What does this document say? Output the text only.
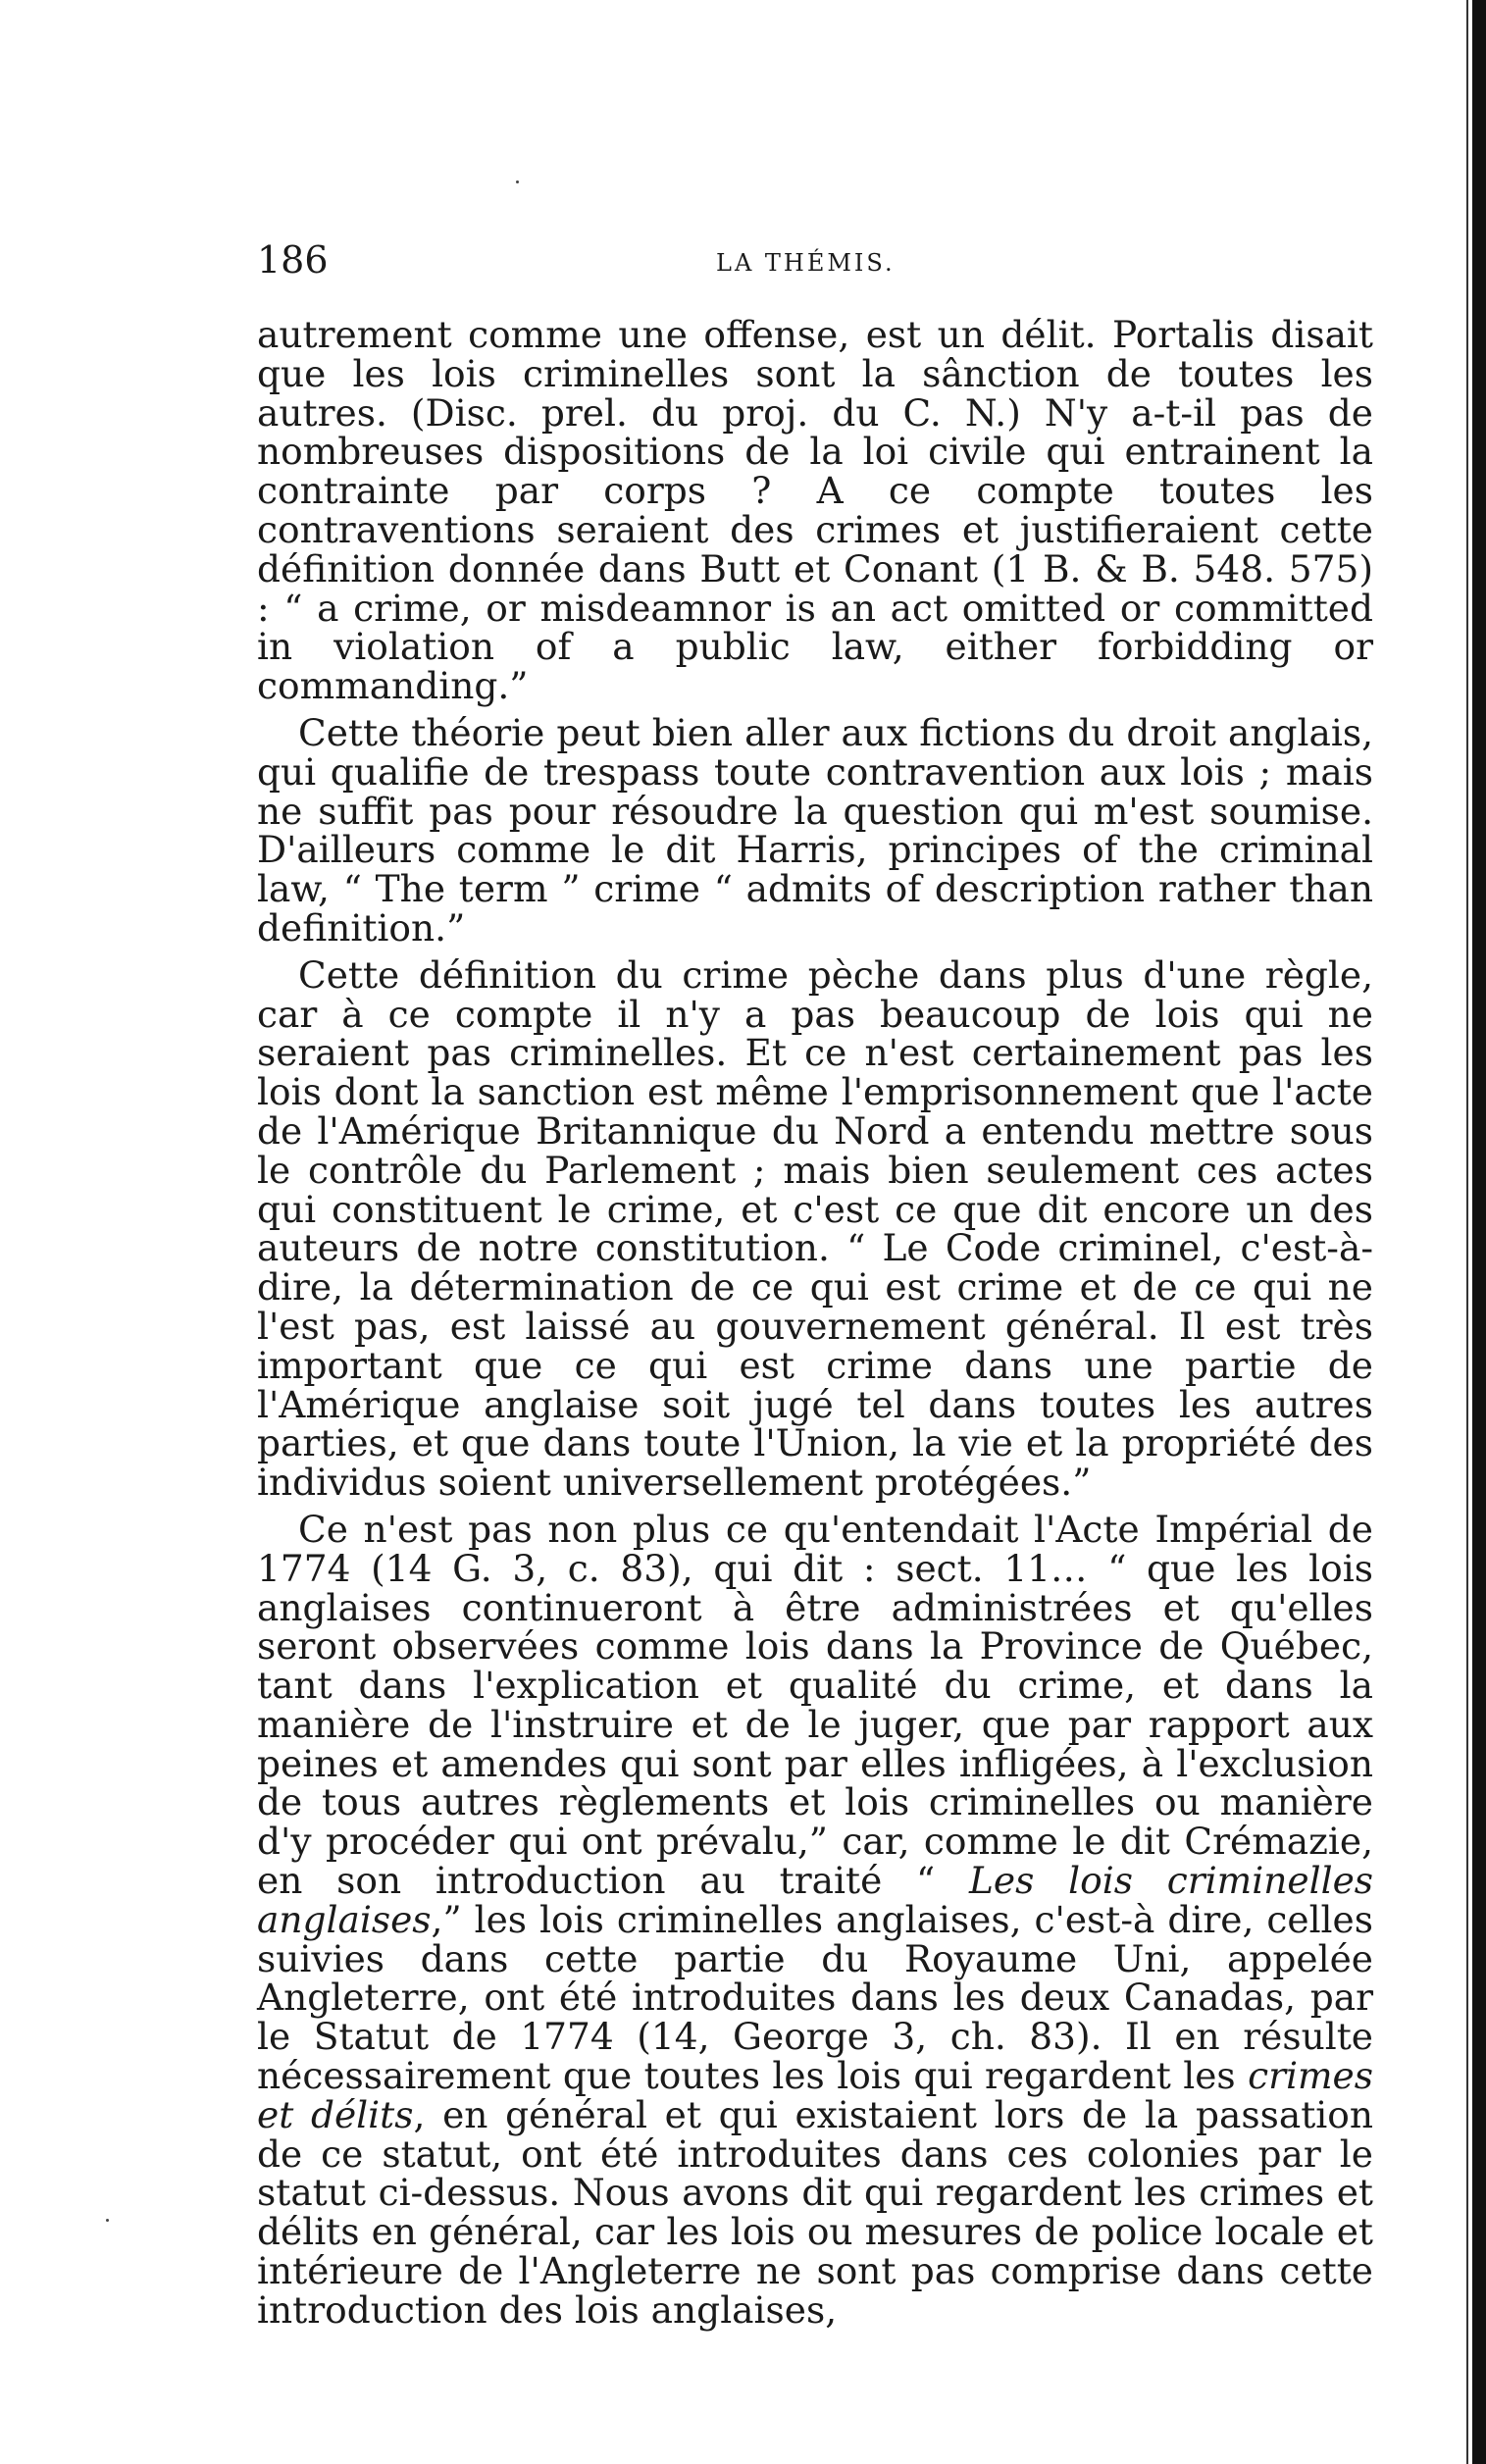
186	LA THÉMIS.

autrement comme une offense, est un délit. Portalis disait que les lois criminelles sont la sânction de toutes les autres. (Disc. prel. du proj. du C. N.) N'y a-t-il pas de nombreuses dispositions de la loi civile qui entrainent la contrainte par corps ? A ce compte toutes les contraventions seraient des crimes et justifieraient cette définition donnée dans Butt et Conant (1 B. & B. 548. 575) : “ a crime, or misdeamnor is an act omitted or committed in violation of a public law, either forbidding or commanding.”

Cette théorie peut bien aller aux fictions du droit anglais, qui qualifie de trespass toute contravention aux lois ; mais ne suffit pas pour résoudre la question qui m'est soumise. D'ailleurs comme le dit Harris, principes of the criminal law, “ The term ” crime “ admits of description rather than definition.”

Cette définition du crime pèche dans plus d'une règle, car à ce compte il n'y a pas beaucoup de lois qui ne seraient pas criminelles. Et ce n'est certainement pas les lois dont la sanction est même l'emprisonnement que l'acte de l'Amérique Britannique du Nord a entendu mettre sous le contrôle du Parlement ; mais bien seulement ces actes qui constituent le crime, et c'est ce que dit encore un des auteurs de notre constitution. “ Le Code criminel, c'est-à-dire, la détermination de ce qui est crime et de ce qui ne l'est pas, est laissé au gouvernement général. Il est très important que ce qui est crime dans une partie de l'Amérique anglaise soit jugé tel dans toutes les autres parties, et que dans toute l'Union, la vie et la propriété des individus soient universellement protégées.”

Ce n'est pas non plus ce qu'entendait l'Acte Impérial de 1774 (14 G. 3, c. 83), qui dit : sect. 11… “ que les lois anglaises continueront à être administrées et qu'elles seront observées comme lois dans la Province de Québec, tant dans l'explication et qualité du crime, et dans la manière de l'instruire et de le juger, que par rapport aux peines et amendes qui sont par elles infligées, à l'exclusion de tous autres règlements et lois criminelles ou manière d'y procéder qui ont prévalu,” car, comme le dit Crémazie, en son introduction au traité “ Les lois criminelles anglaises,” les lois criminelles anglaises, c'est-à dire, celles suivies dans cette partie du Royaume Uni, appelée Angleterre, ont été introduites dans les deux Canadas, par le Statut de 1774 (14, George 3, ch. 83). Il en résulte nécessairement que toutes les lois qui regardent les crimes et délits, en général et qui existaient lors de la passation de ce statut, ont été introduites dans ces colonies par le statut ci-dessus. Nous avons dit qui regardent les crimes et délits en général, car les lois ou mesures de police locale et intérieure de l'Angleterre ne sont pas comprise dans cette introduction des lois anglaises,
